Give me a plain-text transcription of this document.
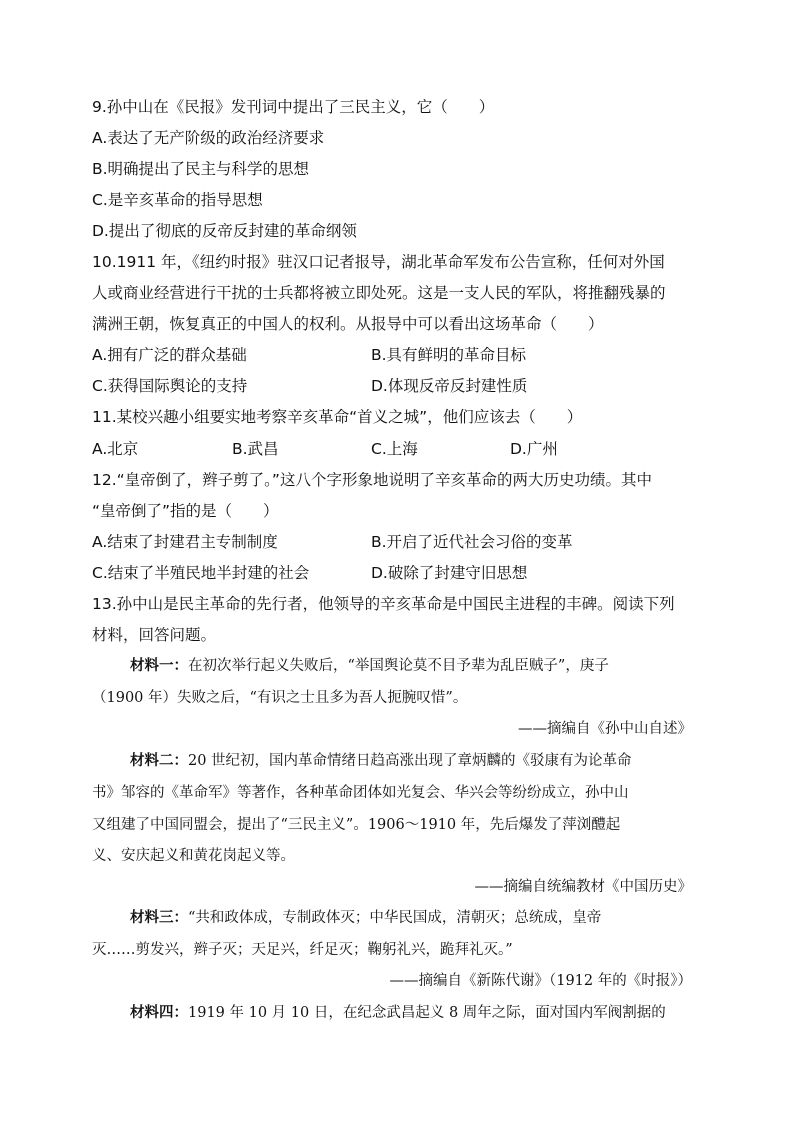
9.孙中山在《民报》发刊词中提出了三民主义，它（　　）
A.表达了无产阶级的政治经济要求
B.明确提出了民主与科学的思想
C.是辛亥革命的指导思想
D.提出了彻底的反帝反封建的革命纲领
10.1911 年，《纽约时报》驻汉口记者报导，湖北革命军发布公告宣称，任何对外国
人或商业经营进行干扰的士兵都将被立即处死。这是一支人民的军队，将推翻残暴的
满洲王朝，恢复真正的中国人的权利。从报导中可以看出这场革命（　　）
A.拥有广泛的群众基础	B.具有鲜明的革命目标
C.获得国际舆论的支持	D.体现反帝反封建性质
11.某校兴趣小组要实地考察辛亥革命“首义之城”，他们应该去（　　）
A.北京	B.武昌	C.上海	D.广州
12.“皇帝倒了，辫子剪了。”这八个字形象地说明了辛亥革命的两大历史功绩。其中
“皇帝倒了”指的是（　　）
A.结束了封建君主专制制度	B.开启了近代社会习俗的变革
C.结束了半殖民地半封建的社会	D.破除了封建守旧思想
13.孙中山是民主革命的先行者，他领导的辛亥革命是中国民主进程的丰碑。阅读下列
材料，回答问题。
材料一：在初次举行起义失败后，“举国舆论莫不目予辈为乱臣贼子”，庚子
（1900 年）失败之后，“有识之士且多为吾人扼腕叹惜”。
——摘编自《孙中山自述》
材料二：20 世纪初，国内革命情绪日趋高涨出现了章炳麟的《驳康有为论革命
书》邹容的《革命军》等著作，各种革命团体如光复会、华兴会等纷纷成立，孙中山
又组建了中国同盟会，提出了“三民主义”。1906～1910 年，先后爆发了萍浏醴起
义、安庆起义和黄花岗起义等。
——摘编自统编教材《中国历史》
材料三：“共和政体成，专制政体灭；中华民国成，清朝灭；总统成，皇帝
灭……剪发兴，辫子灭；天足兴，纤足灭；鞠躬礼兴，跪拜礼灭。”
——摘编自《新陈代谢》（1912 年的《时报》）
材料四：1919 年 10 月 10 日，在纪念武昌起义 8 周年之际，面对国内军阀割据的
